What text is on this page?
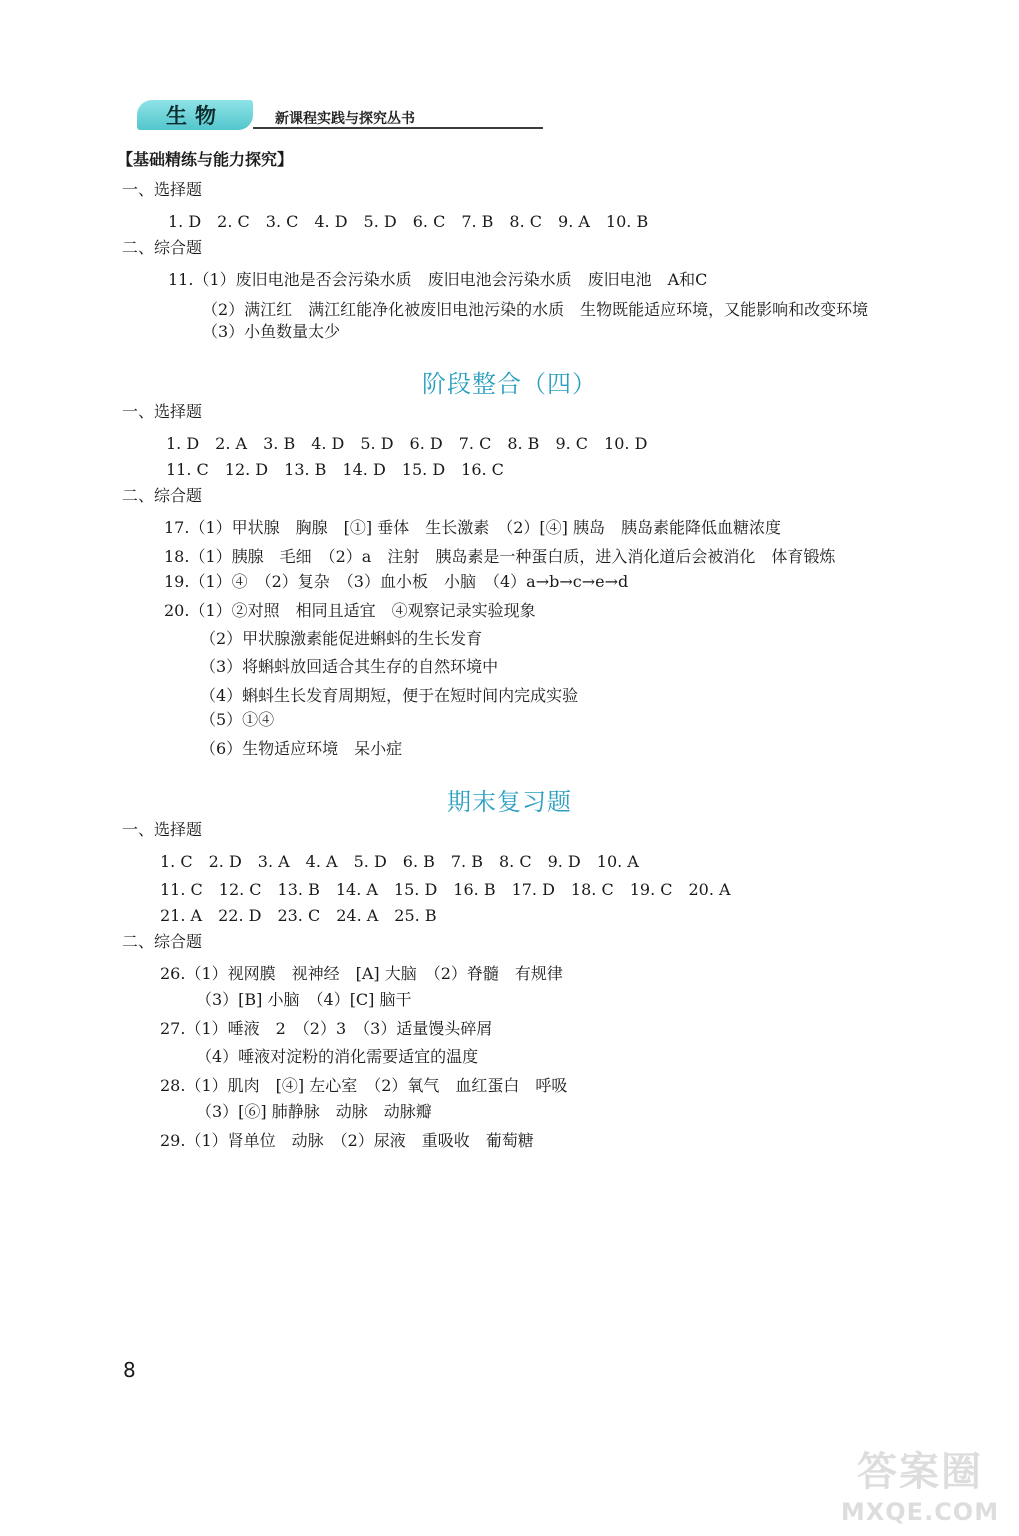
生物	新课程实践与探究丛书
【基础精练与能力探究】
一、选择题
1. D　2. C　3. C　4. D　5. D　6. C　7. B　8. C　9. A　10. B
二、综合题
11.（1）废旧电池是否会污染水质　废旧电池会污染水质　废旧电池　A和C
（2）满江红　满江红能净化被废旧电池污染的水质　生物既能适应环境，又能影响和改变环境
（3）小鱼数量太少
阶段整合（四）
一、选择题
1. D　2. A　3. B　4. D　5. D　6. D　7. C　8. B　9. C　10. D
11. C　12. D　13. B　14. D　15. D　16. C
二、综合题
17.（1）甲状腺　胸腺　[①] 垂体　生长激素　（2）[④] 胰岛　胰岛素能降低血糖浓度
18.（1）胰腺　毛细　（2）a　注射　胰岛素是一种蛋白质，进入消化道后会被消化　体育锻炼
19.（1）④　（2）复杂　（3）血小板　小脑　（4）a→b→c→e→d
20.（1）②对照　相同且适宜　④观察记录实验现象
（2）甲状腺激素能促进蝌蚪的生长发育
（3）将蝌蚪放回适合其生存的自然环境中
（4）蝌蚪生长发育周期短，便于在短时间内完成实验
（5）①④
（6）生物适应环境　呆小症
期末复习题
一、选择题
1. C　2. D　3. A　4. A　5. D　6. B　7. B　8. C　9. D　10. A
11. C　12. C　13. B　14. A　15. D　16. B　17. D　18. C　19. C　20. A
21. A　22. D　23. C　24. A　25. B
二、综合题
26.（1）视网膜　视神经　[A] 大脑　（2）脊髓　有规律
（3）[B] 小脑　（4）[C] 脑干
27.（1）唾液　2　（2）3　（3）适量馒头碎屑
（4）唾液对淀粉的消化需要适宜的温度
28.（1）肌肉　[④] 左心室　（2）氧气　血红蛋白　呼吸
（3）[⑥] 肺静脉　动脉　动脉瓣
29.（1）肾单位　动脉　（2）尿液　重吸收　葡萄糖
8
答案圈
MXQE.COM
